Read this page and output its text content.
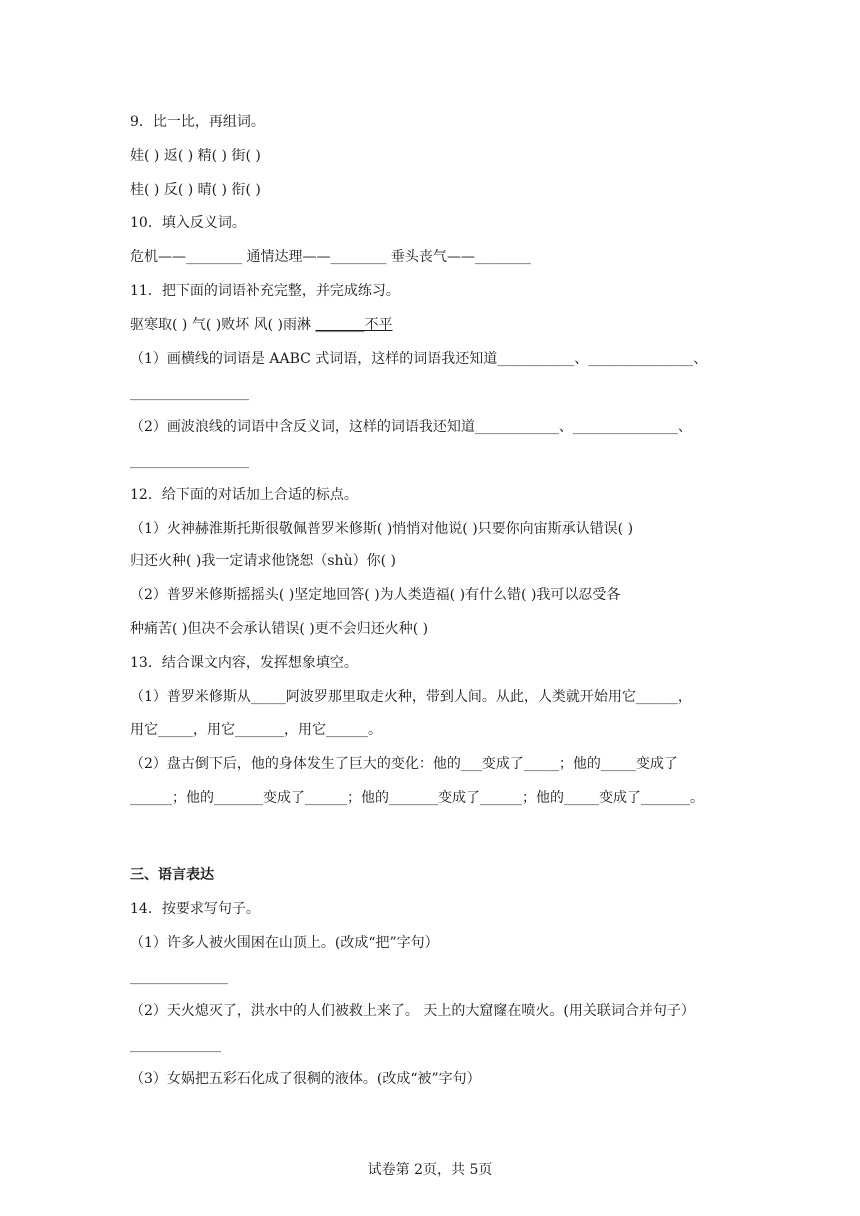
9．比一比，再组词。
娃( ) 返( ) 精( ) 街( )
桂( ) 反( ) 晴( ) 衔( )
10．填入反义词。
危机——________ 通情达理——________ 垂头丧气——________
11．把下面的词语补充完整，并完成练习。
驱寒取( ) 气( )败坏 风( )雨淋 _______不平
（1）画横线的词语是 AABC 式词语，这样的词语我还知道___________、_______________、
_________________
（2）画波浪线的词语中含反义词，这样的词语我还知道____________、_______________、
_________________
12．给下面的对话加上合适的标点。
（1）火神赫淮斯托斯很敬佩普罗米修斯( )悄悄对他说( )只要你向宙斯承认错误( )
归还火种( )我一定请求他饶恕（shù）你( )
（2）普罗米修斯摇摇头( )坚定地回答( )为人类造福( )有什么错( )我可以忍受各
种痛苦( )但决不会承认错误( )更不会归还火种( )
13．结合课文内容，发挥想象填空。
（1）普罗米修斯从_____阿波罗那里取走火种，带到人间。从此，人类就开始用它______，
用它_____，用它_______，用它______。
（2）盘古倒下后，他的身体发生了巨大的变化：他的___变成了_____；他的_____变成了
______；他的_______变成了______；他的_______变成了______；他的_____变成了_______。
三、语言表达
14．按要求写句子。
（1）许多人被火围困在山顶上。(改成“把”字句）
______________
（2）天火熄灭了，洪水中的人们被救上来了。 天上的大窟窿在喷火。(用关联词合并句子）
_____________
（3）女娲把五彩石化成了很稠的液体。(改成“被”字句）
试卷第 2页，共 5页
